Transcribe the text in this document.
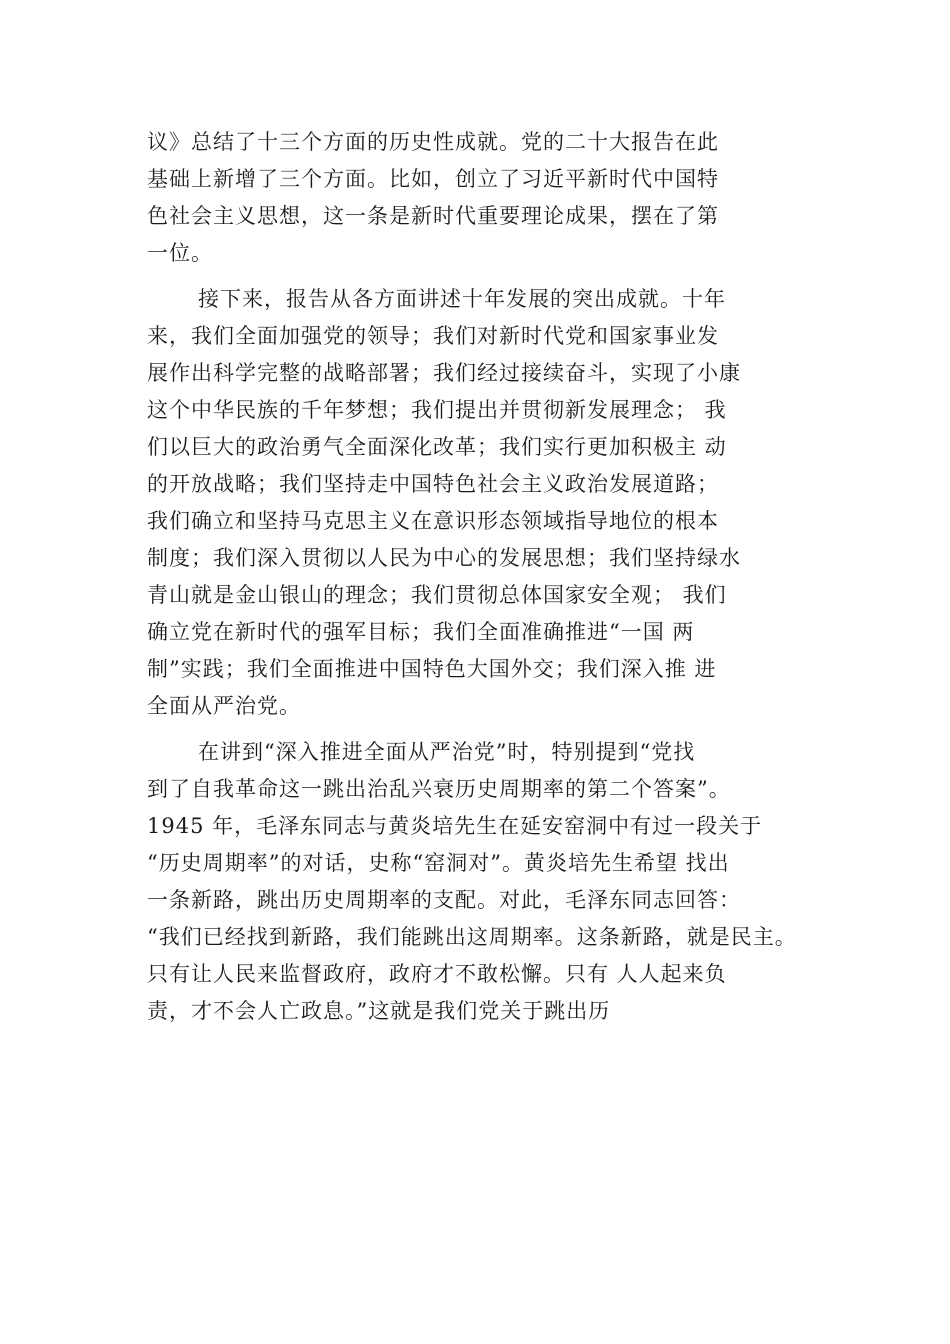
议》总结了十三个方面的历史性成就。党的二十大报告在此
基础上新增了三个方面。比如，创立了习近平新时代中国特
色社会主义思想，这一条是新时代重要理论成果，摆在了第
一位。
接下来，报告从各方面讲述十年发展的突出成就。十年
来，我们全面加强党的领导；我们对新时代党和国家事业发
展作出科学完整的战略部署；我们经过接续奋斗，实现了小康
这个中华民族的千年梦想；我们提出并贯彻新发展理念； 我
们以巨大的政治勇气全面深化改革；我们实行更加积极主 动
的开放战略；我们坚持走中国特色社会主义政治发展道路；
我们确立和坚持马克思主义在意识形态领域指导地位的根本
制度；我们深入贯彻以人民为中心的发展思想；我们坚持绿水
青山就是金山银山的理念；我们贯彻总体国家安全观； 我们
确立党在新时代的强军目标；我们全面准确推进“一国 两
制”实践；我们全面推进中国特色大国外交；我们深入推 进
全面从严治党。
在讲到“深入推进全面从严治党”时，特别提到“党找
到了自我革命这一跳出治乱兴衰历史周期率的第二个答案”。
1945 年，毛泽东同志与黄炎培先生在延安窑洞中有过一段关于
“历史周期率”的对话，史称“窑洞对”。黄炎培先生希望 找出
一条新路，跳出历史周期率的支配。对此，毛泽东同志回答：
“我们已经找到新路，我们能跳出这周期率。这条新路，就是民主。
只有让人民来监督政府，政府才不敢松懈。只有 人人起来负
责，才不会人亡政息。”这就是我们党关于跳出历
